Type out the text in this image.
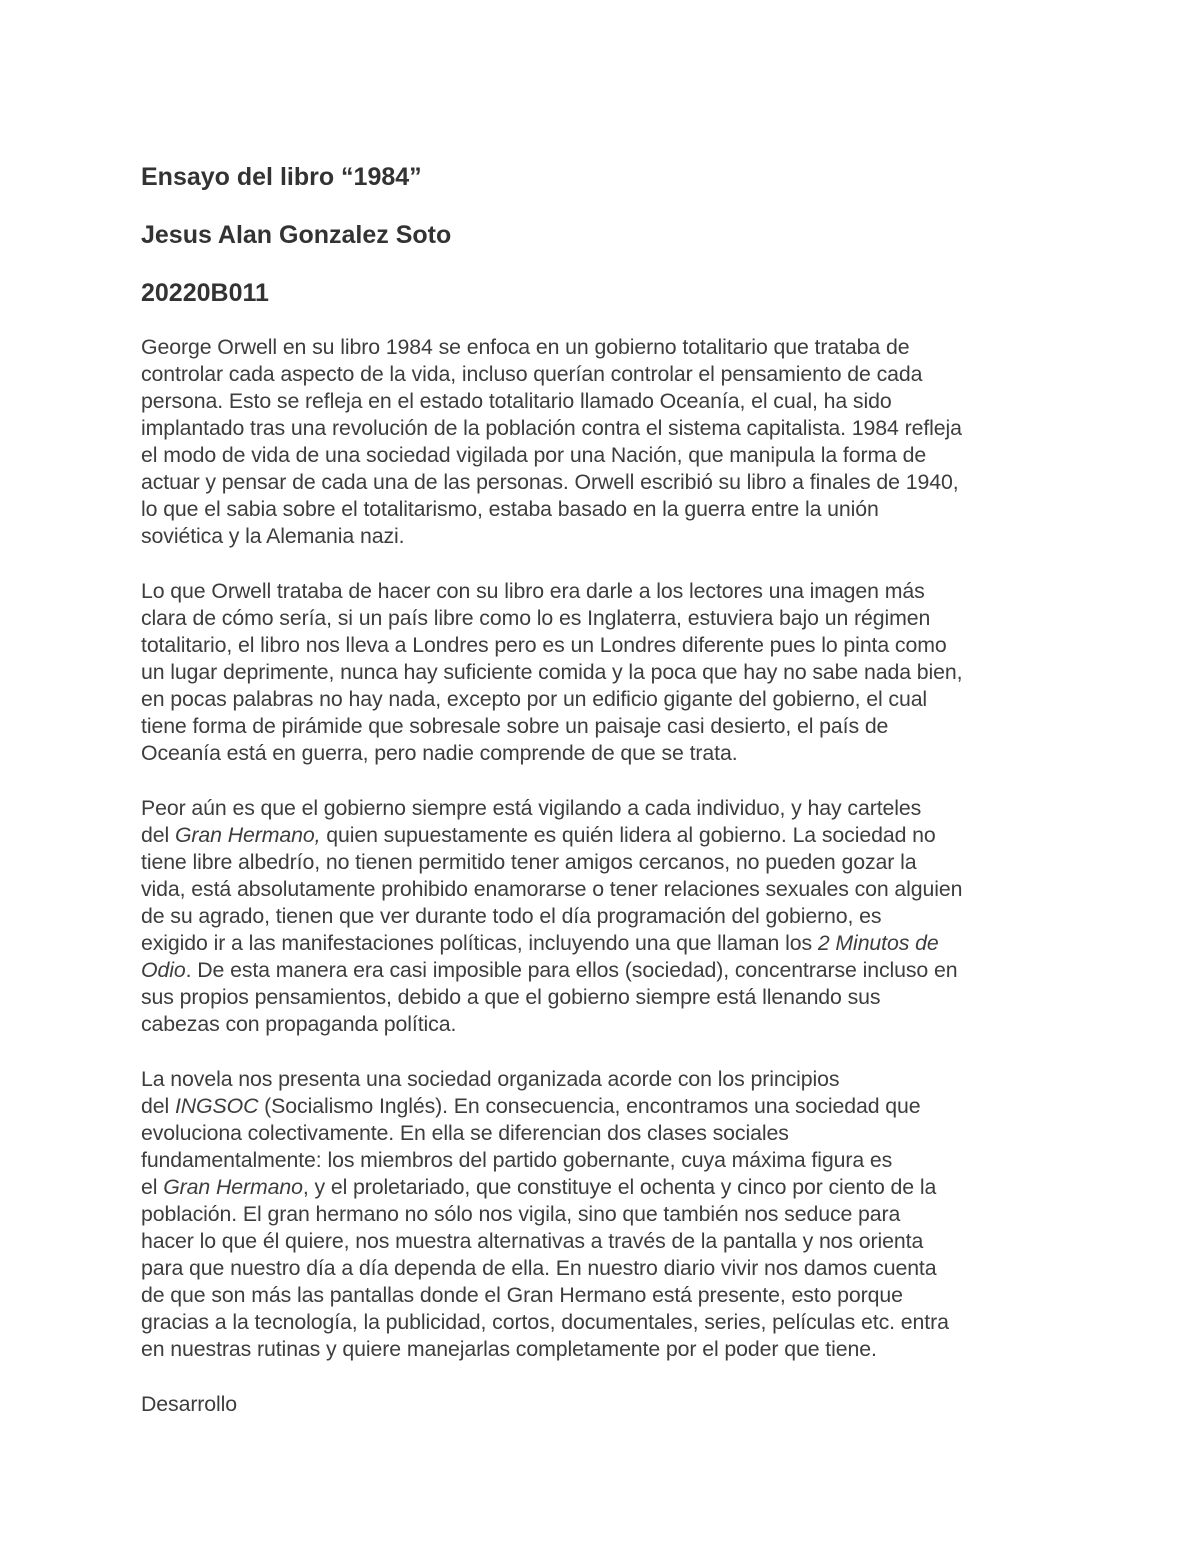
Ensayo del libro “1984”
Jesus Alan Gonzalez Soto
20220B011
George Orwell en su libro 1984 se enfoca en un gobierno totalitario que trataba de
controlar cada aspecto de la vida, incluso querían controlar el pensamiento de cada
persona. Esto se refleja en el estado totalitario llamado Oceanía, el cual, ha sido
implantado tras una revolución de la población contra el sistema capitalista. 1984 refleja
el modo de vida de una sociedad vigilada por una Nación, que manipula la forma de
actuar y pensar de cada una de las personas. Orwell escribió su libro a finales de 1940,
lo que el sabia sobre el totalitarismo, estaba basado en la guerra entre la unión
soviética y la Alemania nazi.
Lo que Orwell trataba de hacer con su libro era darle a los lectores una imagen más
clara de cómo sería, si un país libre como lo es Inglaterra, estuviera bajo un régimen
totalitario, el libro nos lleva a Londres pero es un Londres diferente pues lo pinta como
un lugar deprimente, nunca hay suficiente comida y la poca que hay no sabe nada bien,
en pocas palabras no hay nada, excepto por un edificio gigante del gobierno, el cual
tiene forma de pirámide que sobresale sobre un paisaje casi desierto, el país de
Oceanía está en guerra, pero nadie comprende de que se trata.
Peor aún es que el gobierno siempre está vigilando a cada individuo, y hay carteles
del Gran Hermano, quien supuestamente es quién lidera al gobierno. La sociedad no
tiene libre albedrío, no tienen permitido tener amigos cercanos, no pueden gozar la
vida, está absolutamente prohibido enamorarse o tener relaciones sexuales con alguien
de su agrado, tienen que ver durante todo el día programación del gobierno, es
exigido ir a las manifestaciones políticas, incluyendo una que llaman los 2 Minutos de
Odio. De esta manera era casi imposible para ellos (sociedad), concentrarse incluso en
sus propios pensamientos, debido a que el gobierno siempre está llenando sus
cabezas con propaganda política.
La novela nos presenta una sociedad organizada acorde con los principios
del INGSOC (Socialismo Inglés). En consecuencia, encontramos una sociedad que
evoluciona colectivamente. En ella se diferencian dos clases sociales
fundamentalmente: los miembros del partido gobernante, cuya máxima figura es
el Gran Hermano, y el proletariado, que constituye el ochenta y cinco por ciento de la
población. El gran hermano no sólo nos vigila, sino que también nos seduce para
hacer lo que él quiere, nos muestra alternativas a través de la pantalla y nos orienta
para que nuestro día a día dependa de ella. En nuestro diario vivir nos damos cuenta
de que son más las pantallas donde el Gran Hermano está presente, esto porque
gracias a la tecnología, la publicidad, cortos, documentales, series, películas etc. entra
en nuestras rutinas y quiere manejarlas completamente por el poder que tiene.
Desarrollo
